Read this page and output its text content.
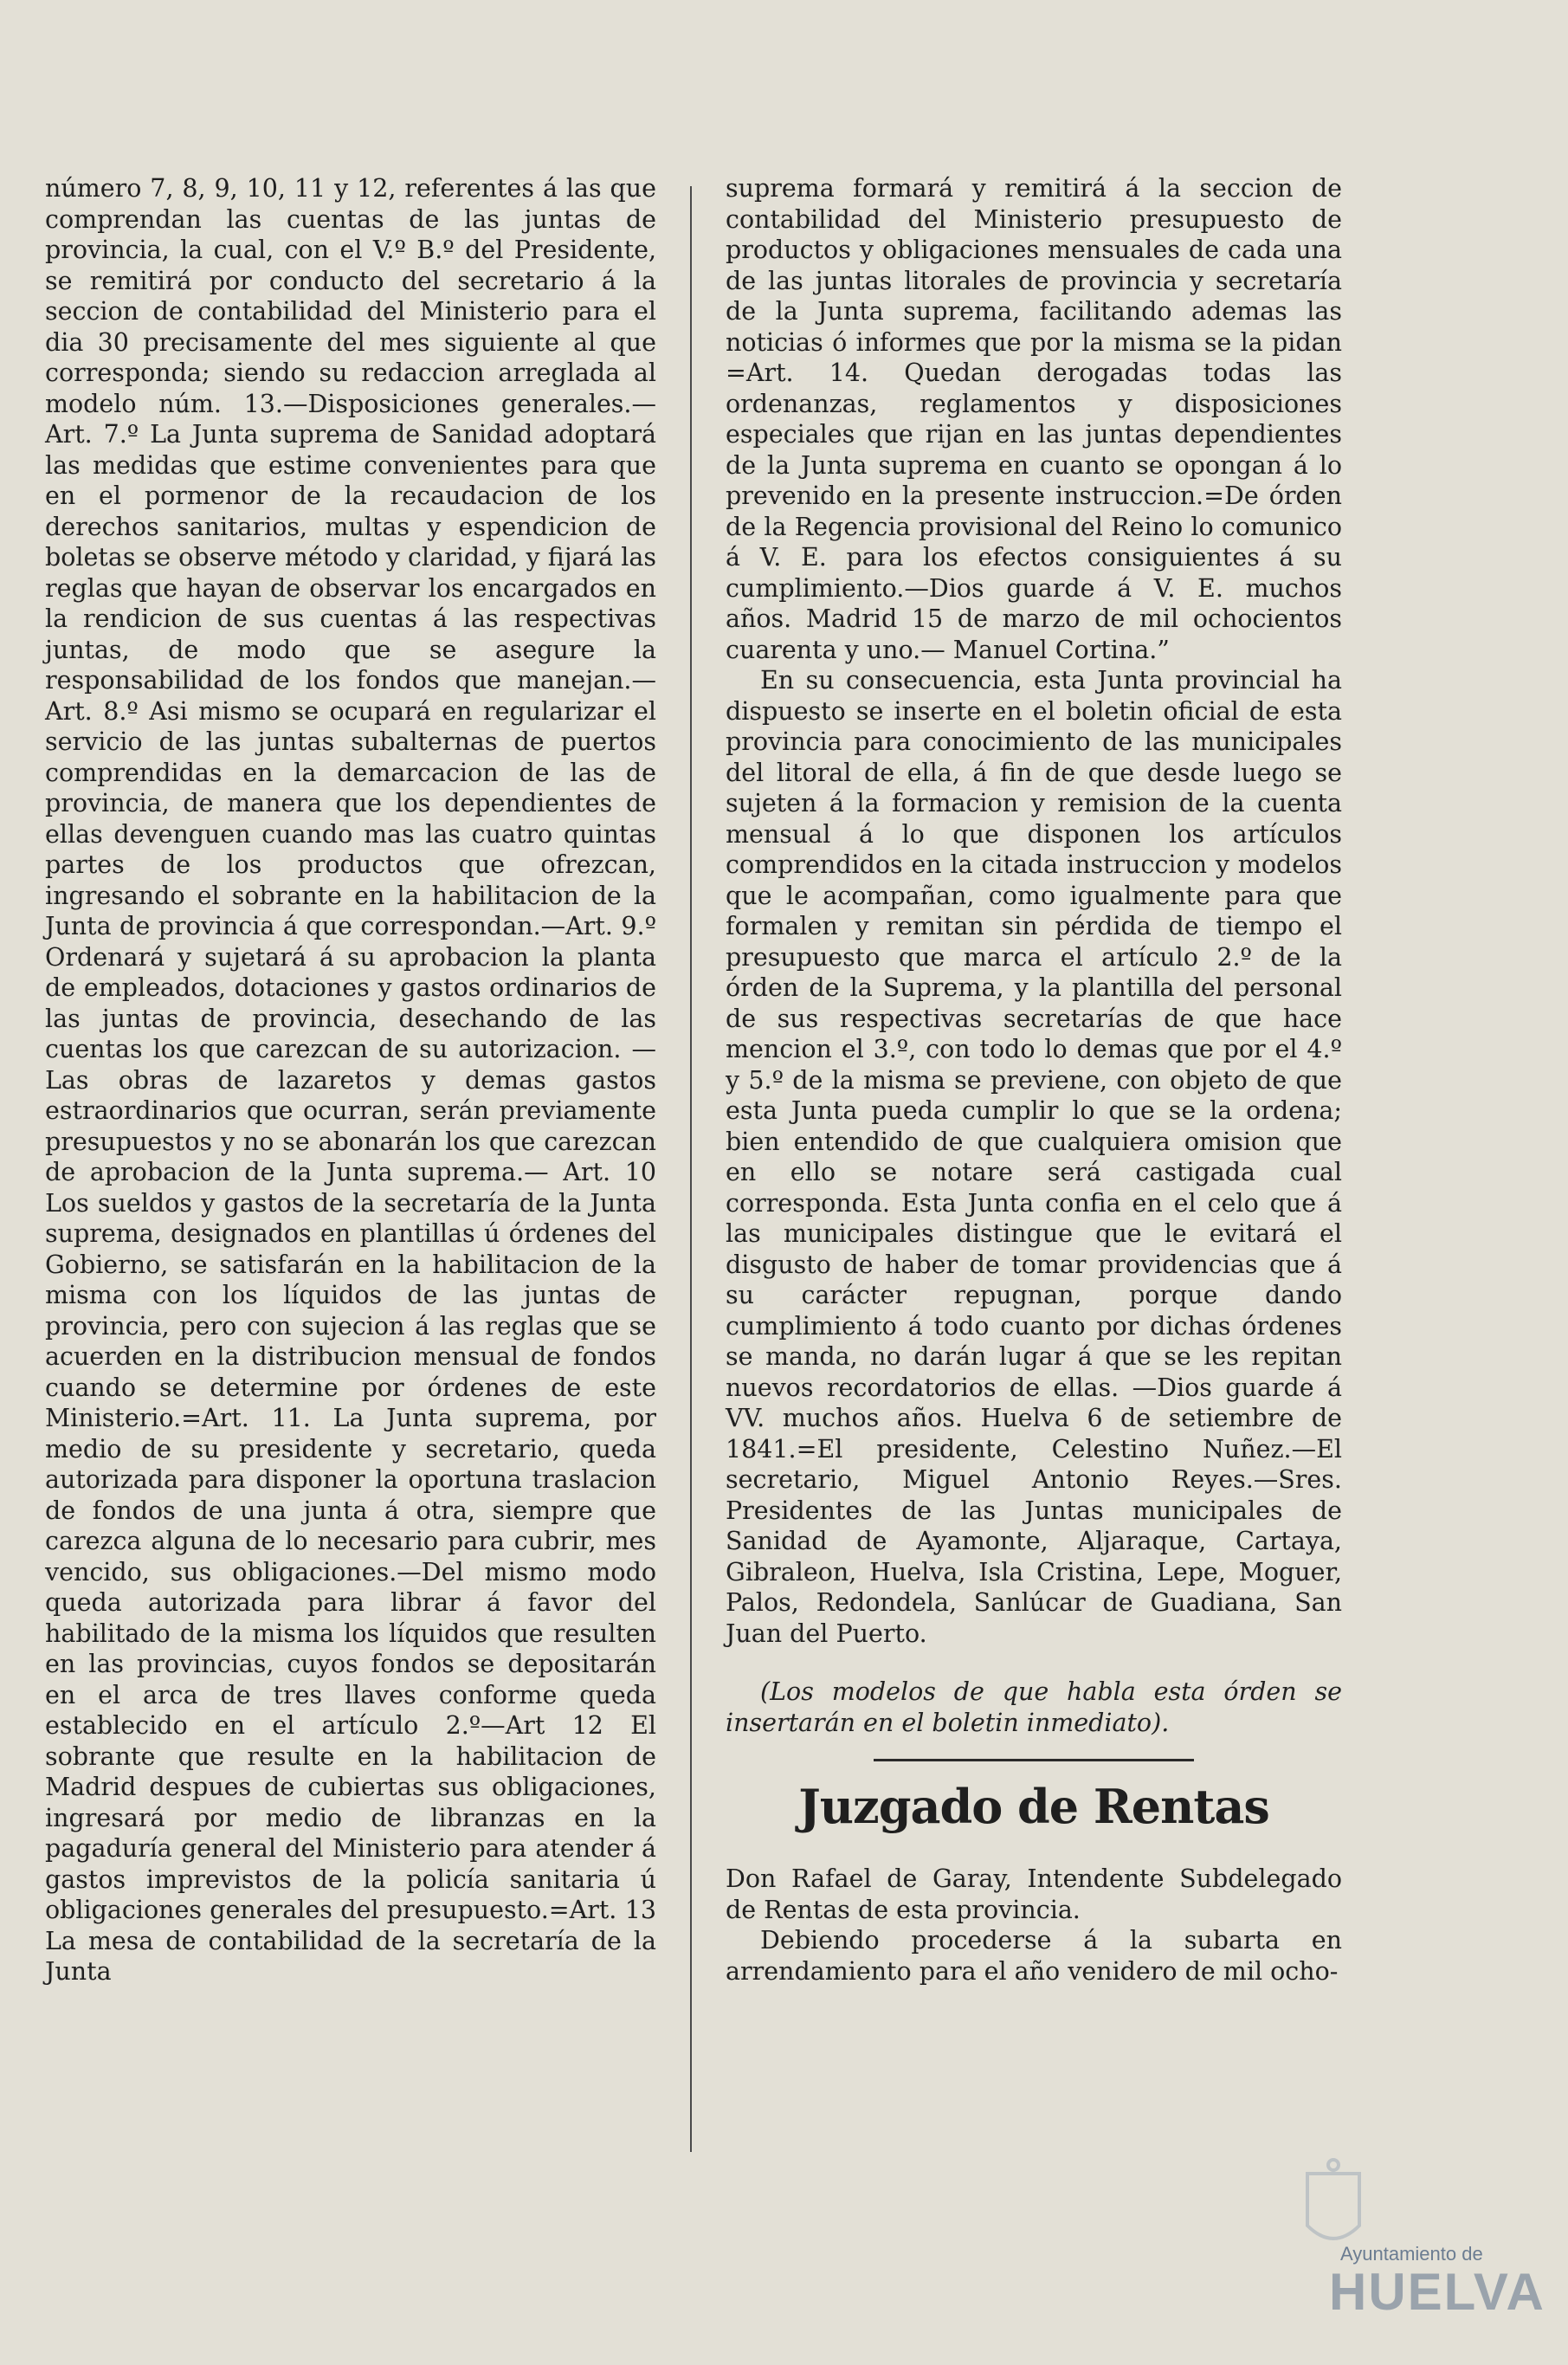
número 7, 8, 9, 10, 11 y 12, referentes á las que comprendan las cuentas de las juntas de provincia, la cual, con el V.º B.º del Presidente, se remitirá por conducto del secretario á la seccion de contabilidad del Ministerio para el dia 30 precisamente del mes siguiente al que corresponda; siendo su redaccion arreglada al modelo núm. 13.—Disposiciones generales.—Art. 7.º La Junta suprema de Sanidad adoptará las medidas que estime convenientes para que en el pormenor de la recaudacion de los derechos sanitarios, multas y espendicion de boletas se observe método y claridad, y fijará las reglas que hayan de observar los encargados en la rendicion de sus cuentas á las respectivas juntas, de modo que se asegure la responsabilidad de los fondos que manejan.—Art. 8.º Asi mismo se ocupará en regularizar el servicio de las juntas subalternas de puertos comprendidas en la demarcacion de las de provincia, de manera que los dependientes de ellas devenguen cuando mas las cuatro quintas partes de los productos que ofrezcan, ingresando el sobrante en la habilitacion de la Junta de provincia á que correspondan.—Art. 9.º Ordenará y sujetará á su aprobacion la planta de empleados, dotaciones y gastos ordinarios de las juntas de provincia, desechando de las cuentas los que carezcan de su autorizacion. —Las obras de lazaretos y demas gastos estraordinarios que ocurran, serán previamente presupuestos y no se abonarán los que carezcan de aprobacion de la Junta suprema.— Art. 10 Los sueldos y gastos de la secretaría de la Junta suprema, designados en plantillas ú órdenes del Gobierno, se satisfarán en la habilitacion de la misma con los líquidos de las juntas de provincia, pero con sujecion á las reglas que se acuerden en la distribucion mensual de fondos cuando se determine por órdenes de este Ministerio.=Art. 11. La Junta suprema, por medio de su presidente y secretario, queda autorizada para disponer la oportuna traslacion de fondos de una junta á otra, siempre que carezca alguna de lo necesario para cubrir, mes vencido, sus obligaciones.—Del mismo modo queda autorizada para librar á favor del habilitado de la misma los líquidos que resulten en las provincias, cuyos fondos se depositarán en el arca de tres llaves conforme queda establecido en el artículo 2.º—Art 12 El sobrante que resulte en la habilitacion de Madrid despues de cubiertas sus obligaciones, ingresará por medio de libranzas en la pagaduría general del Ministerio para atender á gastos imprevistos de la policía sanitaria ú obligaciones generales del presupuesto.=Art. 13 La mesa de contabilidad de la secretaría de la Junta

suprema formará y remitirá á la seccion de contabilidad del Ministerio presupuesto de productos y obligaciones mensuales de cada una de las juntas litorales de provincia y secretaría de la Junta suprema, facilitando ademas las noticias ó informes que por la misma se la pidan =Art. 14. Quedan derogadas todas las ordenanzas, reglamentos y disposiciones especiales que rijan en las juntas dependientes de la Junta suprema en cuanto se opongan á lo prevenido en la presente instruccion.=De órden de la Regencia provisional del Reino lo comunico á V. E. para los efectos consiguientes á su cumplimiento.—Dios guarde á V. E. muchos años. Madrid 15 de marzo de mil ochocientos cuarenta y uno.— Manuel Cortina.”

En su consecuencia, esta Junta provincial ha dispuesto se inserte en el boletin oficial de esta provincia para conocimiento de las municipales del litoral de ella, á fin de que desde luego se sujeten á la formacion y remision de la cuenta mensual á lo que disponen los artículos comprendidos en la citada instruccion y modelos que le acompañan, como igualmente para que formalen y remitan sin pérdida de tiempo el presupuesto que marca el artículo 2.º de la órden de la Suprema, y la plantilla del personal de sus respectivas secretarías de que hace mencion el 3.º, con todo lo demas que por el 4.º y 5.º de la misma se previene, con objeto de que esta Junta pueda cumplir lo que se la ordena; bien entendido de que cualquiera omision que en ello se notare será castigada cual corresponda. Esta Junta confia en el celo que á las municipales distingue que le evitará el disgusto de haber de tomar providencias que á su carácter repugnan, porque dando cumplimiento á todo cuanto por dichas órdenes se manda, no darán lugar á que se les repitan nuevos recordatorios de ellas. —Dios guarde á VV. muchos años. Huelva 6 de setiembre de 1841.=El presidente, Celestino Nuñez.—El secretario, Miguel Antonio Reyes.—Sres. Presidentes de las Juntas municipales de Sanidad de Ayamonte, Aljaraque, Cartaya, Gibraleon, Huelva, Isla Cristina, Lepe, Moguer, Palos, Redondela, Sanlúcar de Guadiana, San Juan del Puerto.

(Los modelos de que habla esta órden se insertarán en el boletin inmediato).

Juzgado de Rentas

Don Rafael de Garay, Intendente Subdelegado de Rentas de esta provincia.

Debiendo procederse á la subarta en arrendamiento para el año venidero de mil ocho-

Ayuntamiento de
HUELVA
